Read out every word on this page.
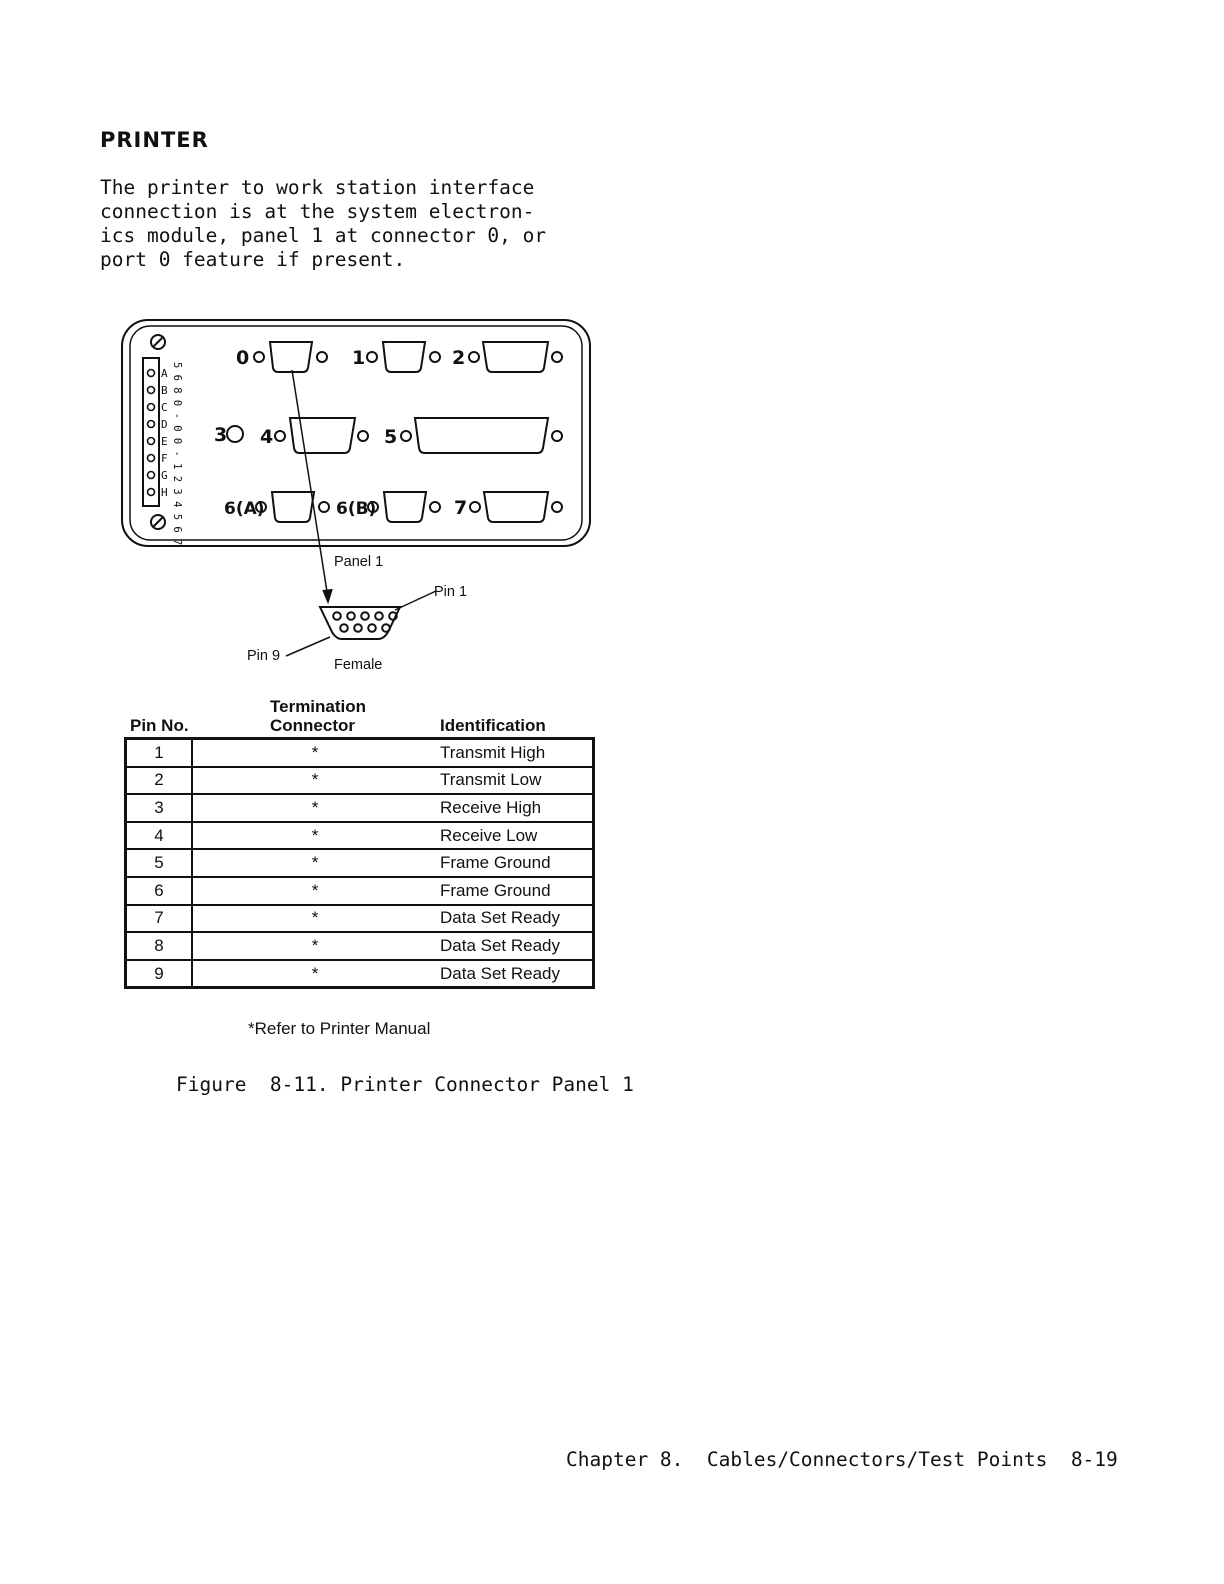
PRINTER
The printer to work station interface
connection is at the system electron-
ics module, panel 1 at connector 0, or
port 0 feature if present.
A
B
C
D
E
F
G
H 5 6 8 0 - 0 0 - 1 2 3 4 5 6 7
0	1	2
3 4	5
6(A)	6(B)	7
Panel 1
Pin 1
Pin 9
Female
Pin No.
Termination
Connector	Identification
1	*	Transmit High
2	*	Transmit Low
3	*	Receive High
4	*	Receive Low
5	*	Frame Ground
6	*	Frame Ground
7	*	Data Set Ready
8	*	Data Set Ready
9	*	Data Set Ready
*Refer to Printer Manual
Figure  8-11. Printer Connector Panel 1
Chapter 8.  Cables/Connectors/Test Points  8-19
